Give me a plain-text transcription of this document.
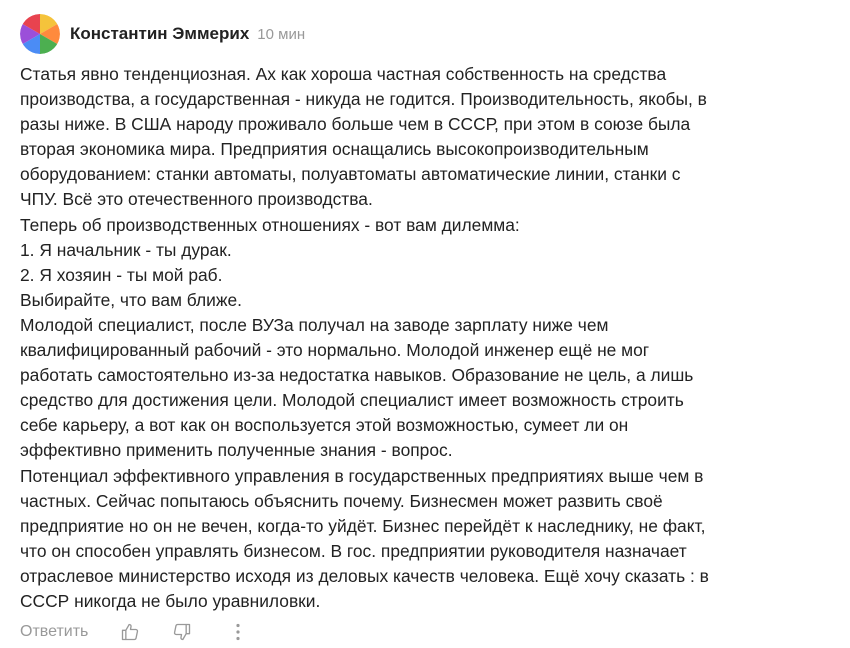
Константин Эммерих 10 мин
Статья явно тенденциозная. Ах как хороша частная собственность на средства
производства, а государственная - никуда не годится. Производительность, якобы, в
разы ниже. В США народу проживало больше чем в СССР, при этом в союзе была
вторая экономика мира. Предприятия оснащались высокопроизводительным
оборудованием: станки автоматы, полуавтоматы автоматические линии, станки с
ЧПУ. Всё это отечественного производства.
Теперь об производственных отношениях - вот вам дилемма:
1. Я начальник - ты дурак.
2. Я хозяин - ты мой раб.
Выбирайте, что вам ближе.
Молодой специалист, после ВУЗа получал на заводе зарплату ниже чем
квалифицированный рабочий - это нормально. Молодой инженер ещё не мог
работать самостоятельно из-за недостатка навыков. Образование не цель, а лишь
средство для достижения цели. Молодой специалист имеет возможность строить
себе карьеру, а вот как он воспользуется этой возможностью, сумеет ли он
эффективно применить полученные знания - вопрос.
Потенциал эффективного управления в государственных предприятиях выше чем в
частных. Сейчас попытаюсь объяснить почему. Бизнесмен может развить своё
предприятие но он не вечен, когда-то уйдёт. Бизнес перейдёт к наследнику, не факт,
что он способен управлять бизнесом. В гос. предприятии руководителя назначает
отраслевое министерство исходя из деловых качеств человека. Ещё хочу сказать : в
СССР никогда не было уравниловки.
Ответить
